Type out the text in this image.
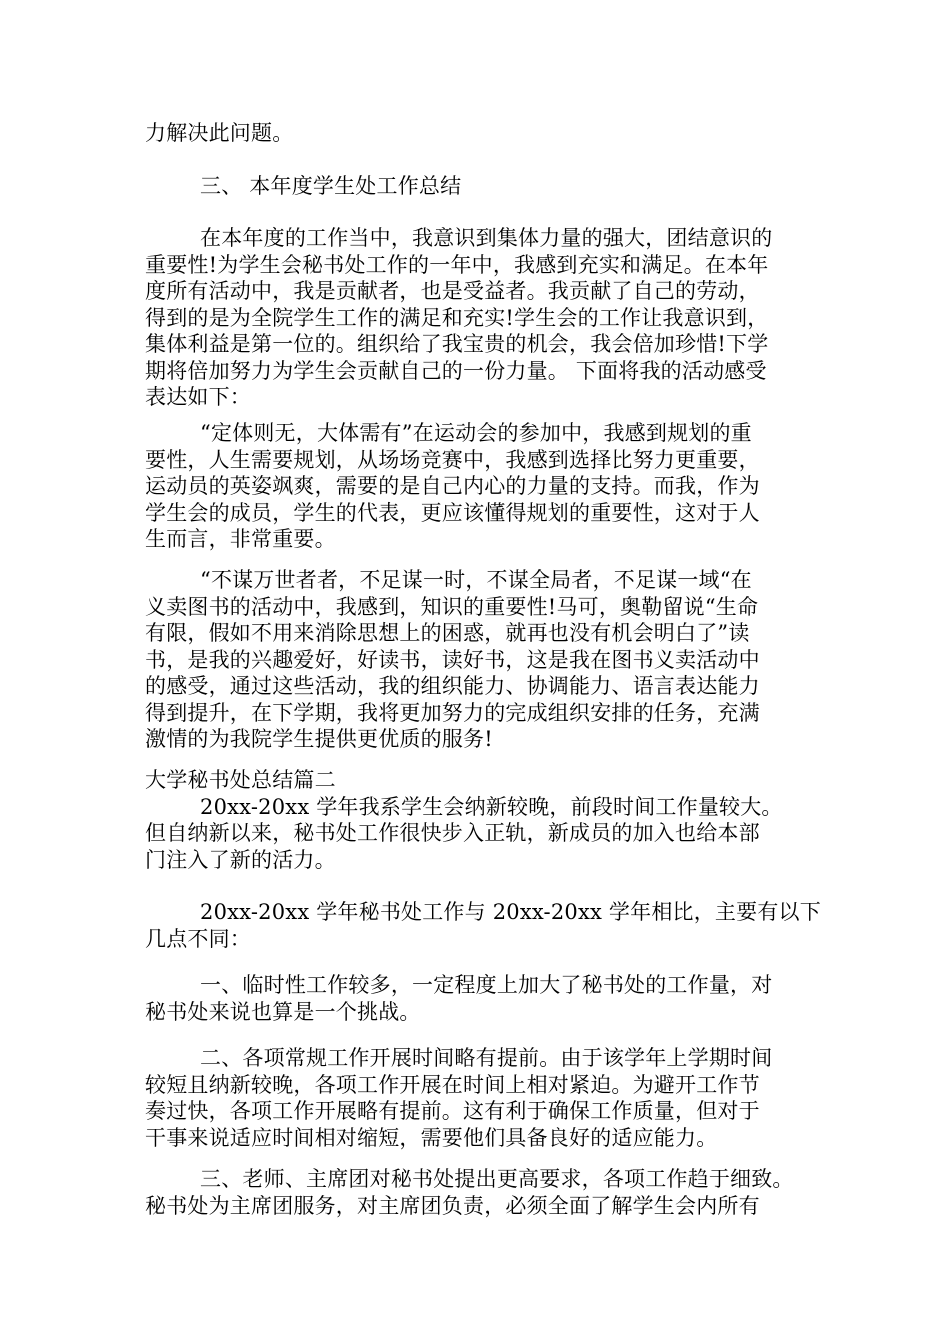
力解决此问题。
三、 本年度学生处工作总结
在本年度的工作当中，我意识到集体力量的强大，团结意识的
重要性!为学生会秘书处工作的一年中，我感到充实和满足。在本年
度所有活动中，我是贡献者，也是受益者。我贡献了自己的劳动，
得到的是为全院学生工作的满足和充实!学生会的工作让我意识到，
集体利益是第一位的。组织给了我宝贵的机会，我会倍加珍惜!下学
期将倍加努力为学生会贡献自己的一份力量。 下面将我的活动感受
表达如下：
“定体则无，大体需有”在运动会的参加中，我感到规划的重
要性，人生需要规划，从场场竞赛中，我感到选择比努力更重要，
运动员的英姿飒爽，需要的是自己内心的力量的支持。而我，作为
学生会的成员，学生的代表，更应该懂得规划的重要性，这对于人
生而言，非常重要。
“不谋万世者者，不足谋一时，不谋全局者，不足谋一域“在
义卖图书的活动中，我感到，知识的重要性!马可，奥勒留说“生命
有限，假如不用来消除思想上的困惑，就再也没有机会明白了”读
书，是我的兴趣爱好，好读书，读好书，这是我在图书义卖活动中
的感受，通过这些活动，我的组织能力、协调能力、语言表达能力
得到提升，在下学期，我将更加努力的完成组织安排的任务，充满
激情的为我院学生提供更优质的服务!
大学秘书处总结篇二
20xx-20xx 学年我系学生会纳新较晚，前段时间工作量较大。
但自纳新以来，秘书处工作很快步入正轨，新成员的加入也给本部
门注入了新的活力。
20xx-20xx 学年秘书处工作与 20xx-20xx 学年相比，主要有以下
几点不同：
一、临时性工作较多，一定程度上加大了秘书处的工作量，对
秘书处来说也算是一个挑战。
二、各项常规工作开展时间略有提前。由于该学年上学期时间
较短且纳新较晚，各项工作开展在时间上相对紧迫。为避开工作节
奏过快，各项工作开展略有提前。这有利于确保工作质量，但对于
干事来说适应时间相对缩短，需要他们具备良好的适应能力。
三、老师、主席团对秘书处提出更高要求，各项工作趋于细致。
秘书处为主席团服务，对主席团负责，必须全面了解学生会内所有
